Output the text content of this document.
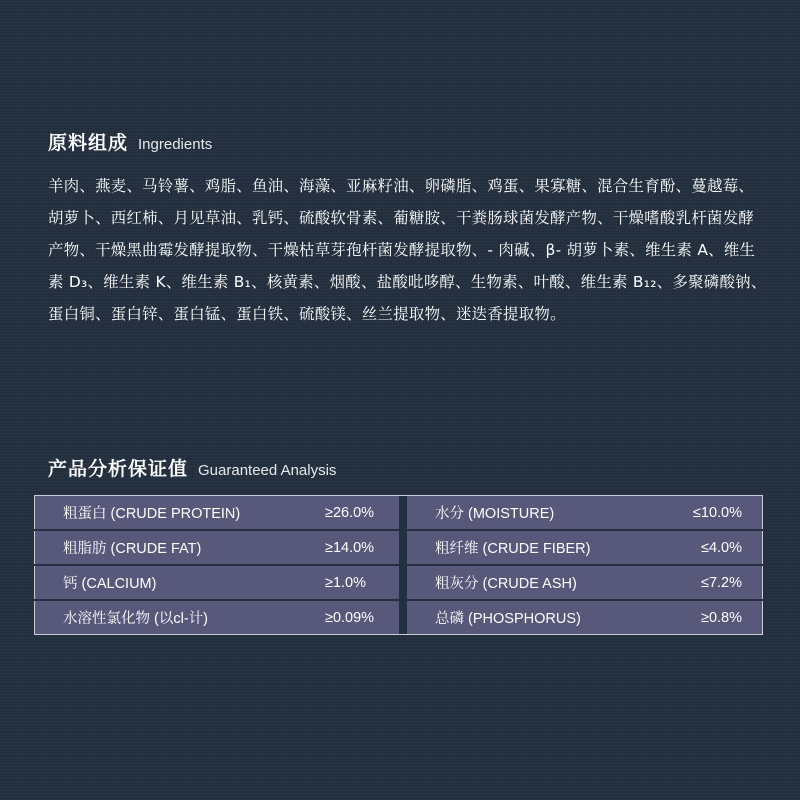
原料组成 Ingredients
羊肉、燕麦、马铃薯、鸡脂、鱼油、海藻、亚麻籽油、卵磷脂、鸡蛋、果寡糖、混合生育酚、蔓越莓、胡萝卜、西红柿、月见草油、乳钙、硫酸软骨素、葡糖胺、干粪肠球菌发酵产物、干燥嗜酸乳杆菌发酵产物、干燥黑曲霉发酵提取物、干燥枯草芽孢杆菌发酵提取物、- 肉碱、β- 胡萝卜素、维生素 A、维生素 D₃、维生素 K、维生素 B₁、核黄素、烟酸、盐酸吡哆醇、生物素、叶酸、维生素 B₁₂、多聚磷酸钠、蛋白铜、蛋白锌、蛋白锰、蛋白铁、硫酸镁、丝兰提取物、迷迭香提取物。
产品分析保证值 Guaranteed Analysis
粗蛋白 (CRUDE PROTEIN)	≥26.0%		水分 (MOISTURE)	≤10.0%
粗脂肪 (CRUDE FAT)	≥14.0%		粗纤维 (CRUDE FIBER)	≤4.0%
钙 (CALCIUM)	≥1.0%		粗灰分 (CRUDE ASH)	≤7.2%
水溶性氯化物 (以cl-计)	≥0.09%		总磷 (PHOSPHORUS)	≥0.8%
